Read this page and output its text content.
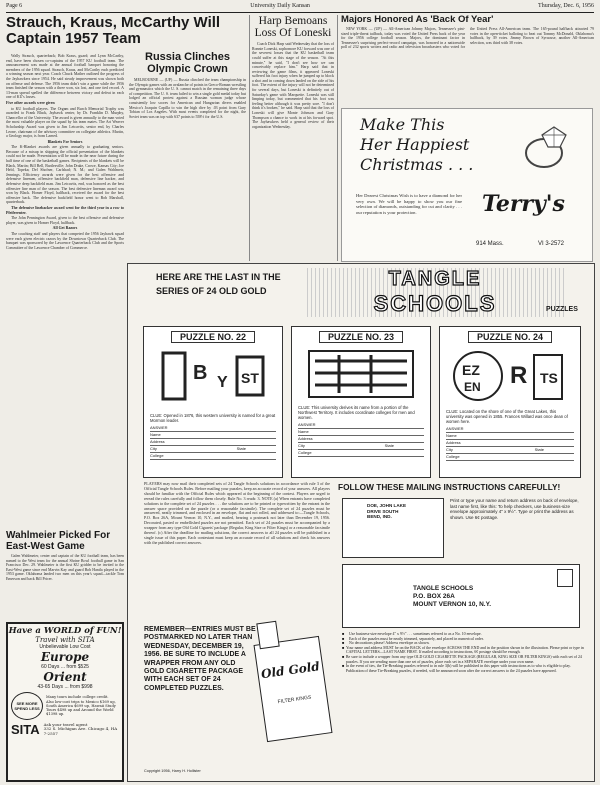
Page 6	University Daily Kansan	Thursday, Dec. 6, 1956
Strauch, Kraus, McCarthy Will Captain 1957 Team

Wally Strauch, quarterback; Bob Kraus, guard; and Lynn McCarthy, end, have been chosen co-captains of the 1957 KU football team. The announcement was made at the annual football banquet honoring the members of the 1956 squad. Strauch, Kraus, and McCarthy each predicted a winning season next year. Coach Chuck Mather outlined the progress of the Jayhawkers since 1954. He said steady improvement was shown both on offense and defense. The 1956 team didn't win a game while the 1956 team finished the season with a three won, six lost, and one tied record. A 13-man spread spelled the difference between victory and defeat in each one of KU's losses.

Five other awards were given

to KU football players. The Orgam and Burch Memorial Trophy was awarded to Frank Black, Jayhawk center, by Dr. Franklin D. Murphy, Chancellor of the University. The award is given annually to the man voted the most valuable player on the squad by his team mates. The Art Weaver Scholarship Award was given to Jim Letcavits, senior end, by Charles Leone, chairman of the advisory committee on collegiate athletics. Martin, a Geology major, is from Larned.

Blankets For Seniors

The K-Blanket awards are given annually to graduating seniors. Because of a mixup in shipping the official presentation of the blankets could not be made. Presentation will be made in the near future during the half time of one of the basketball games. Recipients of the blankets will be Black, Martin; Bill Bell, Bartlesville; John Drake, Crowe, Kansas City; Joe Held, Topeka; Del Shofner, Carlsbad; N. M.; and Galen Wahlmeir, Jennings. Efficiency awards were given for the best offensive and defensive linemen, offensive backfield man, defensive line backer, and defensive deep backfield man. Jim Letcavits, end, was honored as the best offensive line man of the season. The best defensive lineman award was won by Black. Homer Floyd, halfback, received the award for the best offensive back. The defensive backfield honor went to Bob Marshall, quarterback.

The defensive linebacker award went for the third year in a row to Pfeiferenter.

The John Pennington Award, given to the best offensive and defensive player, was given to Homer Floyd, halfback.

All Get Razors

The coaching staff and players that competed the 1956 Jayhawk squad were each given electric razors by the Downtown Quarterback Club. The banquet was sponsored by the Lawrence Quarterback Club and the Sports Committee of the Lawrence Chamber of Commerce.

Wahlmeier Picked For East-West Game

Galen Wahlmeier, center and captain of the KU football team, has been named to the West team for the annual Shrine Bowl football game in San Francisco Dec. 29. Wahlmeier is the first KU gridder to be invited to the East-West game since end Marvin Kay and guard Bob Hantla played in the 1953 game. Oklahoma landed two men on this year's squad—tackle Tom Emerson and back Bill Pricer.

Have a WORLD of FUN!
Travel with SITA
Unbelievable Low Cost
Europe
60 Days ... from $525
Orient
43-65 Days ... from $998
SEE MORE SPEND LESS
Many tours include college credit.
Also low-cost trips to Mexico $169 up, South America $699 up, Hawaii Study Tours $498 up and Around the World $1398 up.
SITA Ask your travel agent
332 S. Michigan Ave. Chicago 4, HA 7-2557
Russia Clinches Olympic Crown

MELBOURNE — (UP) — Russia clinched the team championship in the Olympic games with an avalanche of points in Greco-Roman wrestling and gymnastics which the U. S. cannot match in the remaining three days of competition. The U. S. team failed to win a single gold medal today but lodged an official protest against a Russian woman judge whose consistently low scores for American and Hungarian divers enabled Mexico's Joaquin Capilla to win the high dive by .03 point from Gary Tobian of Los Angeles. With most events completed for the night, the Soviet team was on top with 637 points to 558½ for the U.S.

Harp Bemoans Loss Of Loneski

Coach Dick Harp said Wednesday that the loss of Ronnie Loneski, sophomore KU forward was one of the severest losses that the KU basketball team could suffer at this stage of the season. "At this minute," he said, "I don't see how we can conceivably replace him." Harp said that in reviewing the game films, it appeared Loneski suffered his foot injury when he jumped up to block a shot and in coming down landed on the side of his foot. The extent of the injury will not be determined for several days, but Loneski is definitely out of Saturday's game with Marquette. Loneski was still limping today, but commented that his foot was feeling better although it was pretty sore. "I don't think it's broken," he said. Harp said that the loss of Loneski will give Monte Johnson and Gary Thompson a chance to work in at his forward spot. The Jayhawkers held a general review of their organization Wednesday.

Majors Honored As 'Back Of Year'

NEW YORK — (UP) — All-American Johnny Majors, Tennessee's pint-sized triple-threat tailback, today was voted the United Press back of the year for the 1956 college football season. Majors, the dominant factor in Tennessee's surprising perfect-record campaign, was honored in a nationwide poll of 232 sports writers and radio and television broadcasters who voted for the United Press All-American team. The 165-pound halfback attracted 79 votes in the open-ticket balloting to beat out Tommy McDonald, Oklahoma's halfback, by 39 votes. Jimmy Brown of Syracuse, another All-American selection, was third with 38 votes.

Make This
Her Happiest
Christmas . . .

Her Dearest Christmas Wish is to have a diamond for her very own. We will be happy to show you our fine selection of diamonds, outstanding for cut and clarity . . . our reputation is your protection.	Terry's
914 Mass.	VI 3-2572
HERE ARE THE LAST IN THE
SERIES OF 24 OLD GOLD
TANGLE
SCHOOLS	PUZZLES
PUZZLE NO. 22
B Y ST
CLUE: Opened in 1876, this western university is named for a great Mormon leader.
ANSWER
Name
Address
City	State
College
PUZZLE NO. 23
CLUE: This university derives its name from a portion of the Northwest Territory. It includes coordinate colleges for men and women.
ANSWER
Name
Address
City	State
College
PUZZLE NO. 24
EZ
EN R TS
CLUE: Located on the shore of one of the Great Lakes, this university was opened in 1855. Frances Willard was once dean of women here.
ANSWER
Name
Address
City	State
College

PLAYERS may now mail their completed sets of 24 Tangle Schools solutions in accordance with rule 3 of the Official Tangle Schools Rules. Before mailing your puzzles, keep an accurate record of your answers. All players should be familiar with the Official Rules which appeared at the beginning of the contest. Players are urged to reread the rules carefully and follow them closely. Rule No. 3 reads: 3. NOTE (a) When entrants have completed solutions to the complete set of 24 puzzles . . . the solutions are to be printed or typewritten by the entrant in the answer space provided on the puzzle (or a reasonable facsimile). The complete set of 24 puzzles must be answered, neatly trimmed, and enclosed in an envelope, flat and not rolled, and addressed to:—Tangle Schools, P.O. Box 26A, Mount Vernon 10, N.Y., and mailed, bearing a postmark not later than December 19, 1956. Decorated, pasted or embellished puzzles are not permitted. Each set of 24 puzzles must be accompanied by a wrapper from any type Old Gold Cigarets' package (Regular, King Size or Filter Kings) or a reasonable facsimile thereof. (c) After the deadline for mailing solutions, the correct answers to all 24 puzzles will be published in a single issue of this paper. Each contestant must keep an accurate record of all solutions and check his answers with the published correct answers.

REMEMBER—ENTRIES MUST BE POSTMARKED NO LATER THAN WEDNESDAY, DECEMBER 19, 1956. BE SURE TO INCLUDE A WRAPPER FROM ANY OLD GOLD CIGARETTE PACKAGE WITH EACH SET OF 24 COMPLETED PUZZLES.
Old Gold
FILTER KINGS
Copyright 1956, Harry H. Hollister
FOLLOW THESE MAILING INSTRUCTIONS CAREFULLY!
DOE, JOHN LAKE DRIVE SOUTH BEND, IND.
Print or type your name and return address on back of envelope, last name first, like this: To help checkers, use business-size envelope approximately 4" x 9½". Type or print the address as shown. Use 6¢ postage.
TANGLE SCHOOLS
P.O. BOX 26A
MOUNT VERNON 10, N.Y.
■	Use business-size envelope 4" x 9½" . . . sometimes referred to as a No. 10 envelope.
■	Each of the puzzles must be neatly trimmed, separately, and placed in numerical order.
■	No decorations please! Address envelope as shown.
■ Your name and address MUST be on the BACK of the envelope ACROSS THE END and in the position shown in the illustration. Please print or type in CAPITAL LETTERS—LAST NAME FIRST. If mailed according to instructions, 6¢ postage should be enough.
■ Be sure to include a wrapper from any type OLD GOLD CIGARETTE PACKAGE (REGULAR, KING SIZE OR FILTER KINGS) with each set of 24 puzzles. If you are sending more than one set of puzzles, place each set in a SEPARATE envelope under your own name.
■ In the event of ties, the Tie-Breaking puzzles referred to in rule 3(b) will be published in this paper with instructions as to who is eligible to play. Publication of these Tie-Breaking puzzles, if needed, will be announced soon after the correct answers to the 24 puzzles have appeared.
